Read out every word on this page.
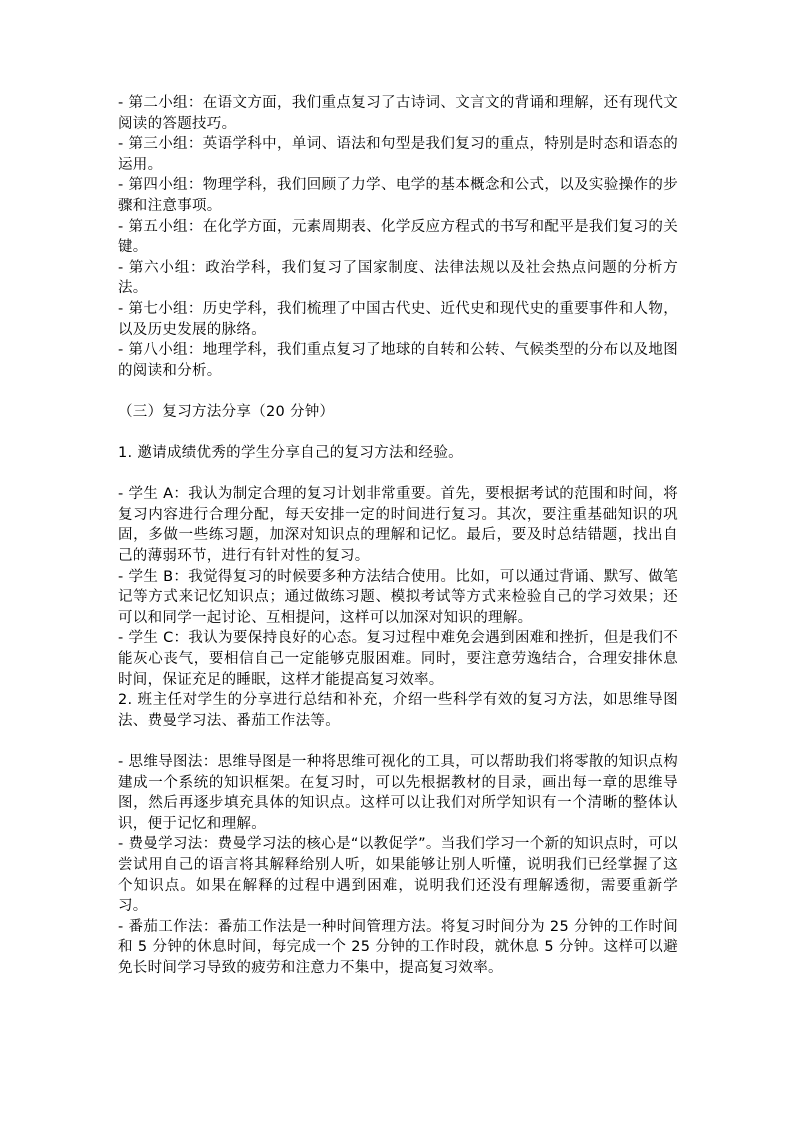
- 第二小组：在语文方面，我们重点复习了古诗词、文言文的背诵和理解，还有现代文阅读的答题技巧。

- 第三小组：英语学科中，单词、语法和句型是我们复习的重点，特别是时态和语态的运用。

- 第四小组：物理学科，我们回顾了力学、电学的基本概念和公式，以及实验操作的步骤和注意事项。

- 第五小组：在化学方面，元素周期表、化学反应方程式的书写和配平是我们复习的关键。

- 第六小组：政治学科，我们复习了国家制度、法律法规以及社会热点问题的分析方法。

- 第七小组：历史学科，我们梳理了中国古代史、近代史和现代史的重要事件和人物，以及历史发展的脉络。

- 第八小组：地理学科，我们重点复习了地球的自转和公转、气候类型的分布以及地图的阅读和分析。

（三）复习方法分享（20 分钟）

1. 邀请成绩优秀的学生分享自己的复习方法和经验。

- 学生 A：我认为制定合理的复习计划非常重要。首先，要根据考试的范围和时间，将复习内容进行合理分配，每天安排一定的时间进行复习。其次，要注重基础知识的巩固，多做一些练习题，加深对知识点的理解和记忆。最后，要及时总结错题，找出自己的薄弱环节，进行有针对性的复习。

- 学生 B：我觉得复习的时候要多种方法结合使用。比如，可以通过背诵、默写、做笔记等方式来记忆知识点；通过做练习题、模拟考试等方式来检验自己的学习效果；还可以和同学一起讨论、互相提问，这样可以加深对知识的理解。

- 学生 C：我认为要保持良好的心态。复习过程中难免会遇到困难和挫折，但是我们不能灰心丧气，要相信自己一定能够克服困难。同时，要注意劳逸结合，合理安排休息时间，保证充足的睡眠，这样才能提高复习效率。

2. 班主任对学生的分享进行总结和补充，介绍一些科学有效的复习方法，如思维导图法、费曼学习法、番茄工作法等。

- 思维导图法：思维导图是一种将思维可视化的工具，可以帮助我们将零散的知识点构建成一个系统的知识框架。在复习时，可以先根据教材的目录，画出每一章的思维导图，然后再逐步填充具体的知识点。这样可以让我们对所学知识有一个清晰的整体认识，便于记忆和理解。

- 费曼学习法：费曼学习法的核心是“以教促学”。当我们学习一个新的知识点时，可以尝试用自己的语言将其解释给别人听，如果能够让别人听懂，说明我们已经掌握了这个知识点。如果在解释的过程中遇到困难，说明我们还没有理解透彻，需要重新学习。

- 番茄工作法：番茄工作法是一种时间管理方法。将复习时间分为 25 分钟的工作时间和 5 分钟的休息时间，每完成一个 25 分钟的工作时段，就休息 5 分钟。这样可以避免长时间学习导致的疲劳和注意力不集中，提高复习效率。
